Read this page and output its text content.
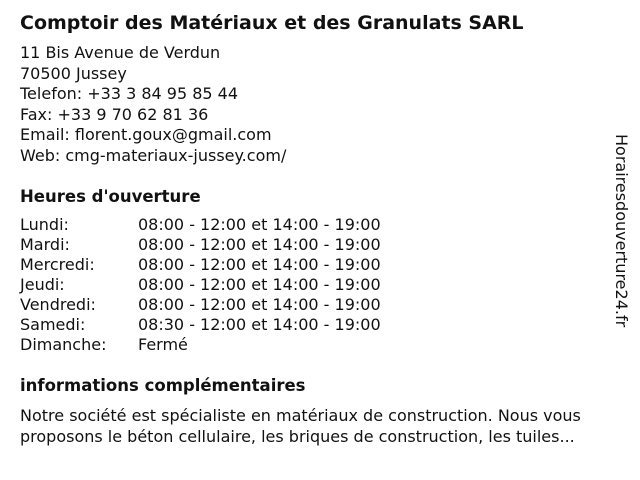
Comptoir des Matériaux et des Granulats SARL
11 Bis Avenue de Verdun
70500 Jussey
Telefon: +33 3 84 95 85 44
Fax: +33 9 70 62 81 36
Email: florent.goux@gmail.com
Web: cmg-materiaux-jussey.com/
Heures d'ouverture
Lundi:	08:00 - 12:00 et 14:00 - 19:00
Mardi:	08:00 - 12:00 et 14:00 - 19:00
Mercredi:	08:00 - 12:00 et 14:00 - 19:00
Jeudi:	08:00 - 12:00 et 14:00 - 19:00
Vendredi:	08:00 - 12:00 et 14:00 - 19:00
Samedi:	08:30 - 12:00 et 14:00 - 19:00
Dimanche:	Fermé
informations complémentaires
Notre société est spécialiste en matériaux de construction. Nous vous proposons le béton cellulaire, les briques de construction, les tuiles...
Horairesdouverture24.fr
